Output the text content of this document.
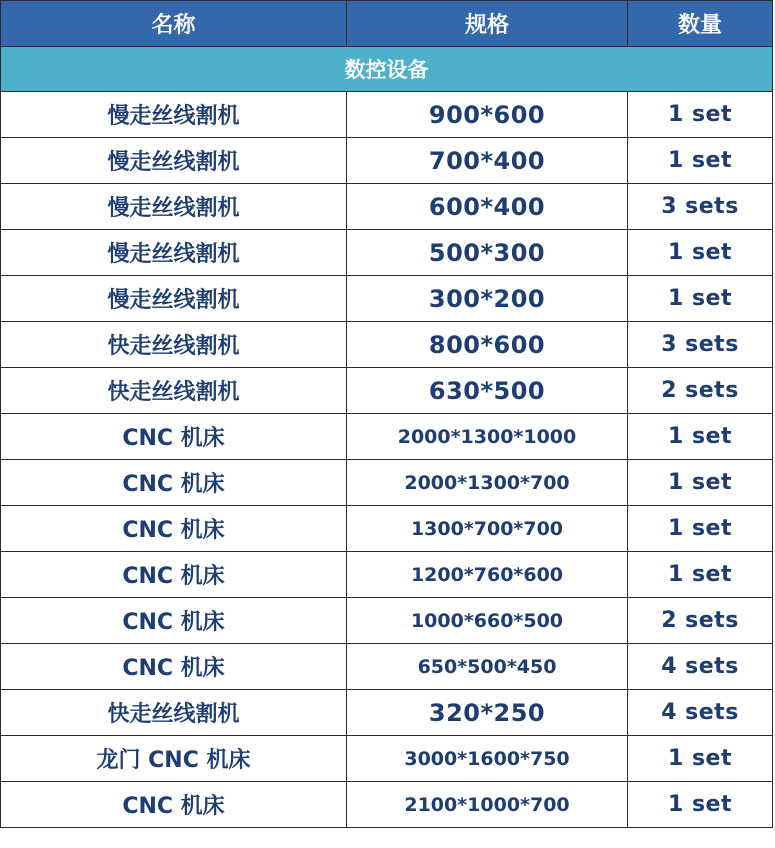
名称	规格	数量
数控设备		
慢走丝线割机	900*600	1 set
慢走丝线割机	700*400	1 set
慢走丝线割机	600*400	3 sets
慢走丝线割机	500*300	1 set
慢走丝线割机	300*200	1 set
快走丝线割机	800*600	3 sets
快走丝线割机	630*500	2 sets
CNC 机床	2000*1300*1000	1 set
CNC 机床	2000*1300*700	1 set
CNC 机床	1300*700*700	1 set
CNC 机床	1200*760*600	1 set
CNC 机床	1000*660*500	2 sets
CNC 机床	650*500*450	4 sets
快走丝线割机	320*250	4 sets
龙门 CNC 机床	3000*1600*750	1 set
CNC 机床	2100*1000*700	1 set
